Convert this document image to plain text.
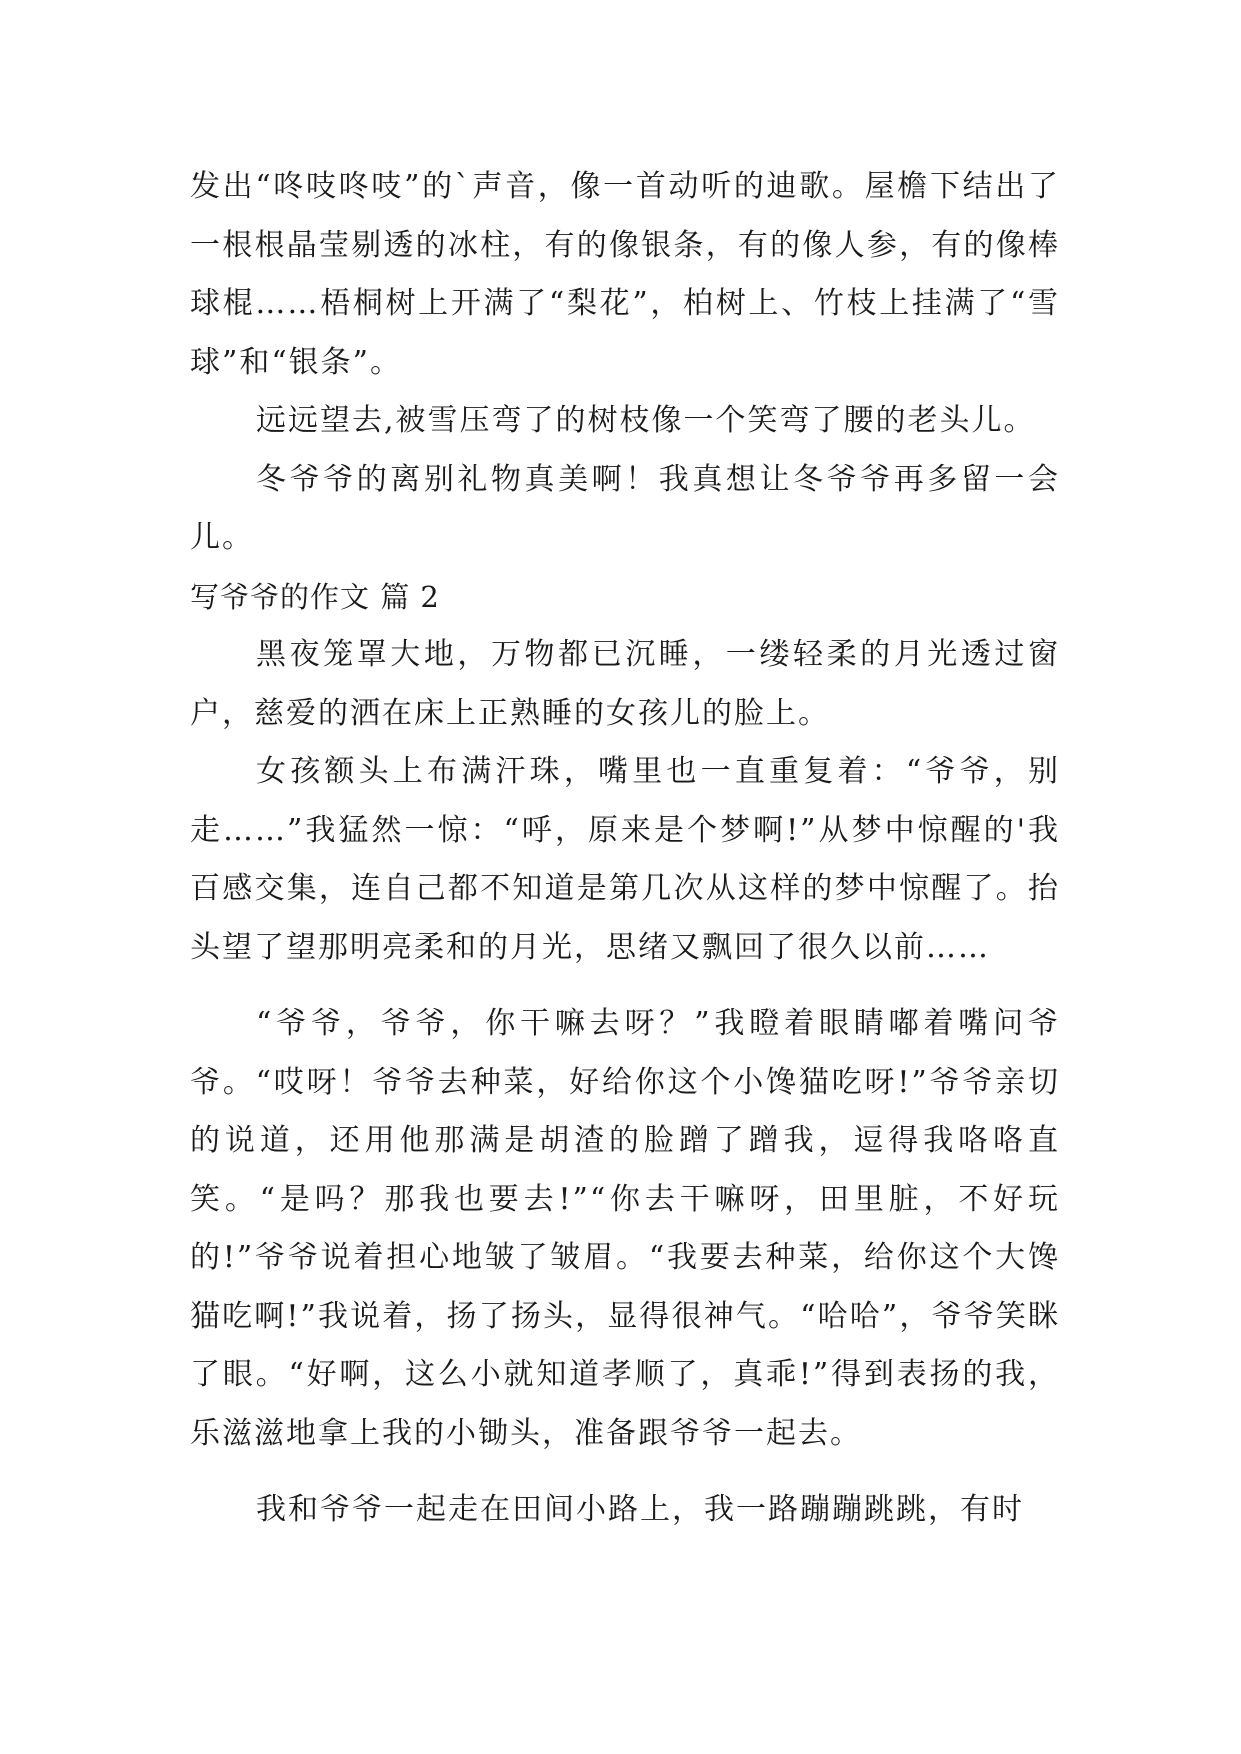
发出“咚吱咚吱”的`声音，像一首动听的迪歌。屋檐下结出了一根根晶莹剔透的冰柱，有的像银条，有的像人参，有的像棒球棍……梧桐树上开满了“梨花”，柏树上、竹枝上挂满了“雪球”和“银条”。

远远望去,被雪压弯了的树枝像一个笑弯了腰的老头儿。

冬爷爷的离别礼物真美啊！我真想让冬爷爷再多留一会儿。

写爷爷的作文 篇 2

黑夜笼罩大地，万物都已沉睡，一缕轻柔的月光透过窗户，慈爱的洒在床上正熟睡的女孩儿的脸上。

女孩额头上布满汗珠，嘴里也一直重复着：“爷爷，别走……”我猛然一惊：“呼，原来是个梦啊!”从梦中惊醒的'我百感交集，连自己都不知道是第几次从这样的梦中惊醒了。抬头望了望那明亮柔和的月光，思绪又飘回了很久以前……

“爷爷，爷爷，你干嘛去呀？”我瞪着眼睛嘟着嘴问爷爷。“哎呀！爷爷去种菜，好给你这个小馋猫吃呀!”爷爷亲切的说道，还用他那满是胡渣的脸蹭了蹭我，逗得我咯咯直笑。“是吗？那我也要去!”“你去干嘛呀，田里脏，不好玩的!”爷爷说着担心地皱了皱眉。“我要去种菜，给你这个大馋猫吃啊!”我说着，扬了扬头，显得很神气。“哈哈”，爷爷笑眯了眼。“好啊，这么小就知道孝顺了，真乖!”得到表扬的我，乐滋滋地拿上我的小锄头，准备跟爷爷一起去。

我和爷爷一起走在田间小路上，我一路蹦蹦跳跳，有时
